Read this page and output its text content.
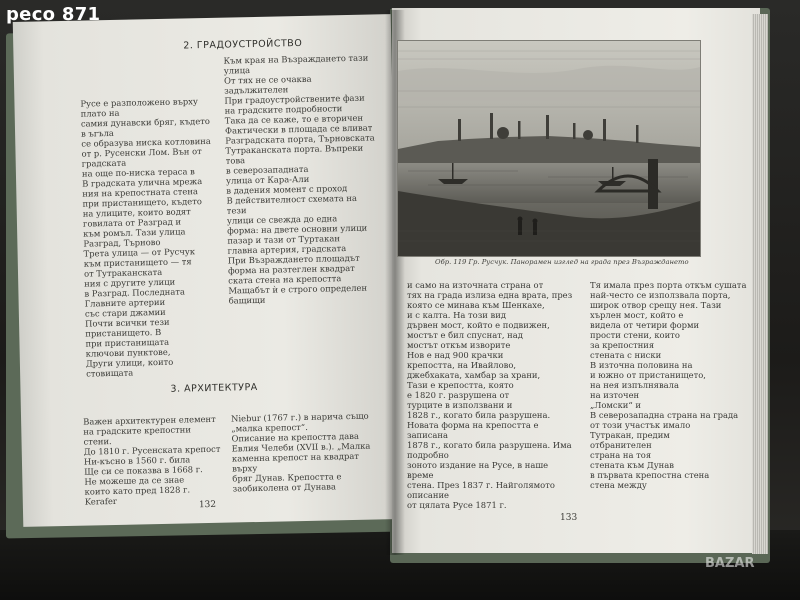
2. ГРАДОУСТРОЙСТВО

Русе е разположено върху плато на

самия дунавски бряг, където в ъгъла

се образува ниска котловина

от р. Русенски Лом. Вън от градската

на още по-ниска тераса в

В градската улична мрежа

ния на крепостната стена

при пристанището, където

на улиците, които водят

говилата от Разград и

към ромъл. Тази улица

Разград, Търново

Трета улица — от Русчук

към пристанището — тя

от Тутраканската

ния с другите улици

в Разград. Последната

Главните артерии

със стари джамии

Почти всички тези

пристанището. В

при пристанищата

ключови пунктове,

Други улици, които

стовищата

Към края на Възраждането тази улица

От тях не се очаква задължителен

При градоустройствените фази

на градските подробности

Така да се каже, то е вторичен

Фактически в площада се вливат

Разградската порта, Търновската

Тутраканската порта. Въпреки това

в северозападната

улица от Кара-Али

в дадения момент с проход

В действителност схемата на тези

улици се свежда до една

форма: на двете основни улици

пазар и тази от Туртакан

главна артерия, градската

При Възраждането площадът

форма на разтеглен квадрат

ската стена на крепостта

Мащабът ѝ е строго определен

бащищи

3. АРХИТЕКТУРА

Важен архитектурен елемент

на градските крепостни стени.

До 1810 г. Русенската крепост

Ни-късно в 1560 г. била

Ще си се показва в 1668 г.

Не можеше да се знае

които като пред 1828 г. Kerafer

Niebur (1767 г.) в нарича също „малка крепост“.

Описание на крепостта дава Евлия Челеби (XVII в.). „Малка каменна крепост на квадрат върху

бряг Дунав. Крепостта е заобиколена от Дунава

132

и само на източната страна от

тях на града излиза една врата, през

която се минава към Шенкахе,

и с калта. На този вид

дървен мост, който е подвижен,

мостът е бил спуснат, над

мостът откъм изворите

Нов е над 900 крачки

крепостта, на Ивайлово,

джебхаката, хамбар за храни,

Тази е крепостта, която

е 1820 г. разрушена от

турците в използвани и

1828 г., когато била разрушена.

Новата форма на крепостта е записана

1878 г., когато била разрушена. Има подробно

зоното издание на Русе, в наше време

стена. През 1837 г. Найголямото описание

от цялата Русе 1871 г.

Тя имала през порта откъм сушата

най-често се използвала порта,

широк отвор срещу нея. Тази

хърлен мост, който е

видела от четири форми

прости стени, които

за крепостния

стената с ниски

В източна половина на

и южно от пристанището,

на нея изпълнявала

на източен

„Ломски“ и

В северозападна страна на града

от този участък имало

Тутракан, предим

отбранителен

страна на тоя

стената към Дунав

в първата крепостна стена

стена между

133
Обр. 119 Гр. Русчук. Панорамен изглед на града през Възраждането
peco 871
BAZAR
